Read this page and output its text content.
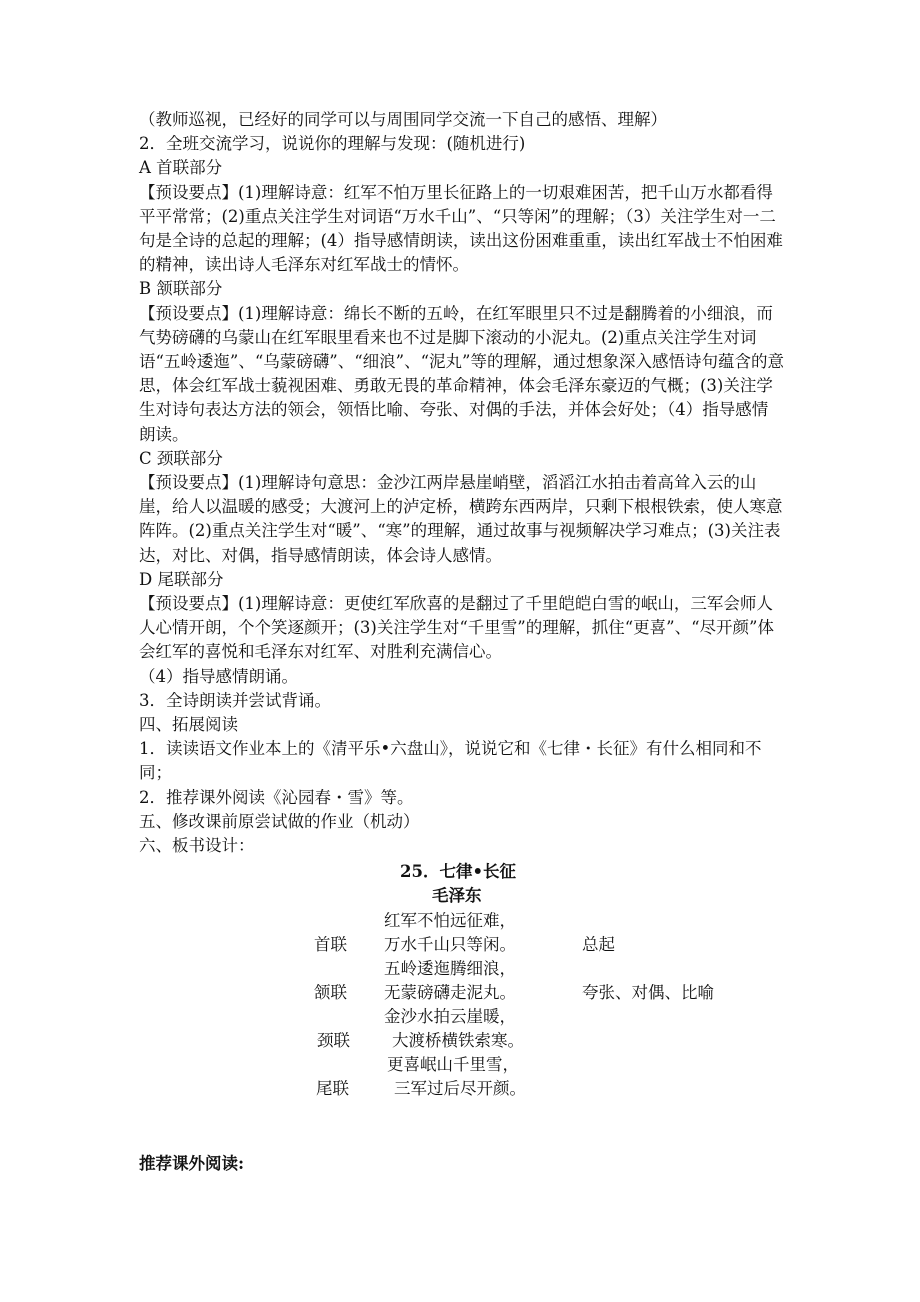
（教师巡视，已经好的同学可以与周围同学交流一下自己的感悟、理解）

2．全班交流学习，说说你的理解与发现：(随机进行)

A 首联部分

【预设要点】(1)理解诗意：红军不怕万里长征路上的一切艰难困苦，把千山万水都看得平平常常；(2)重点关注学生对词语“万水千山”、“只等闲”的理解；（3）关注学生对一二句是全诗的总起的理解；(4）指导感情朗读，读出这份困难重重，读出红军战士不怕困难的精神，读出诗人毛泽东对红军战士的情怀。

B 颔联部分

【预设要点】(1)理解诗意：绵长不断的五岭，在红军眼里只不过是翻腾着的小细浪，而气势磅礴的乌蒙山在红军眼里看来也不过是脚下滚动的小泥丸。(2)重点关注学生对词语“五岭逶迤”、“乌蒙磅礴”、“细浪”、“泥丸”等的理解，通过想象深入感悟诗句蕴含的意思，体会红军战士藐视困难、勇敢无畏的革命精神，体会毛泽东豪迈的气概；(3)关注学生对诗句表达方法的领会，领悟比喻、夸张、对偶的手法，并体会好处；（4）指导感情朗读。

C 颈联部分

【预设要点】(1)理解诗句意思：金沙江两岸悬崖峭壁，滔滔江水拍击着高耸入云的山崖，给人以温暖的感受；大渡河上的泸定桥，横跨东西两岸，只剩下根根铁索，使人寒意阵阵。(2)重点关注学生对“暖”、“寒”的理解，通过故事与视频解决学习难点；(3)关注表达，对比、对偶，指导感情朗读，体会诗人感情。

D 尾联部分

【预设要点】(1)理解诗意：更使红军欣喜的是翻过了千里皑皑白雪的岷山，三军会师人人心情开朗，个个笑逐颜开；(3)关注学生对“千里雪”的理解，抓住“更喜”、“尽开颜”体会红军的喜悦和毛泽东对红军、对胜利充满信心。

（4）指导感情朗诵。

3．全诗朗读并尝试背诵。

四、拓展阅读

1．读读语文作业本上的《清平乐•六盘山》，说说它和《七律・长征》有什么相同和不同；

2．推荐课外阅读《沁园春・雪》等。

五、修改课前原尝试做的作业（机动）

六、板书设计：

25．七律•长征
毛泽东
红军不怕远征难，
首联 万水千山只等闲。	总起
五岭逶迤腾细浪，
颔联 无蒙磅礴走泥丸。	夸张、对偶、比喻
金沙水拍云崖暖，
颈联	大渡桥横铁索寒。
更喜岷山千里雪，
尾联	三军过后尽开颜。
推荐课外阅读:
